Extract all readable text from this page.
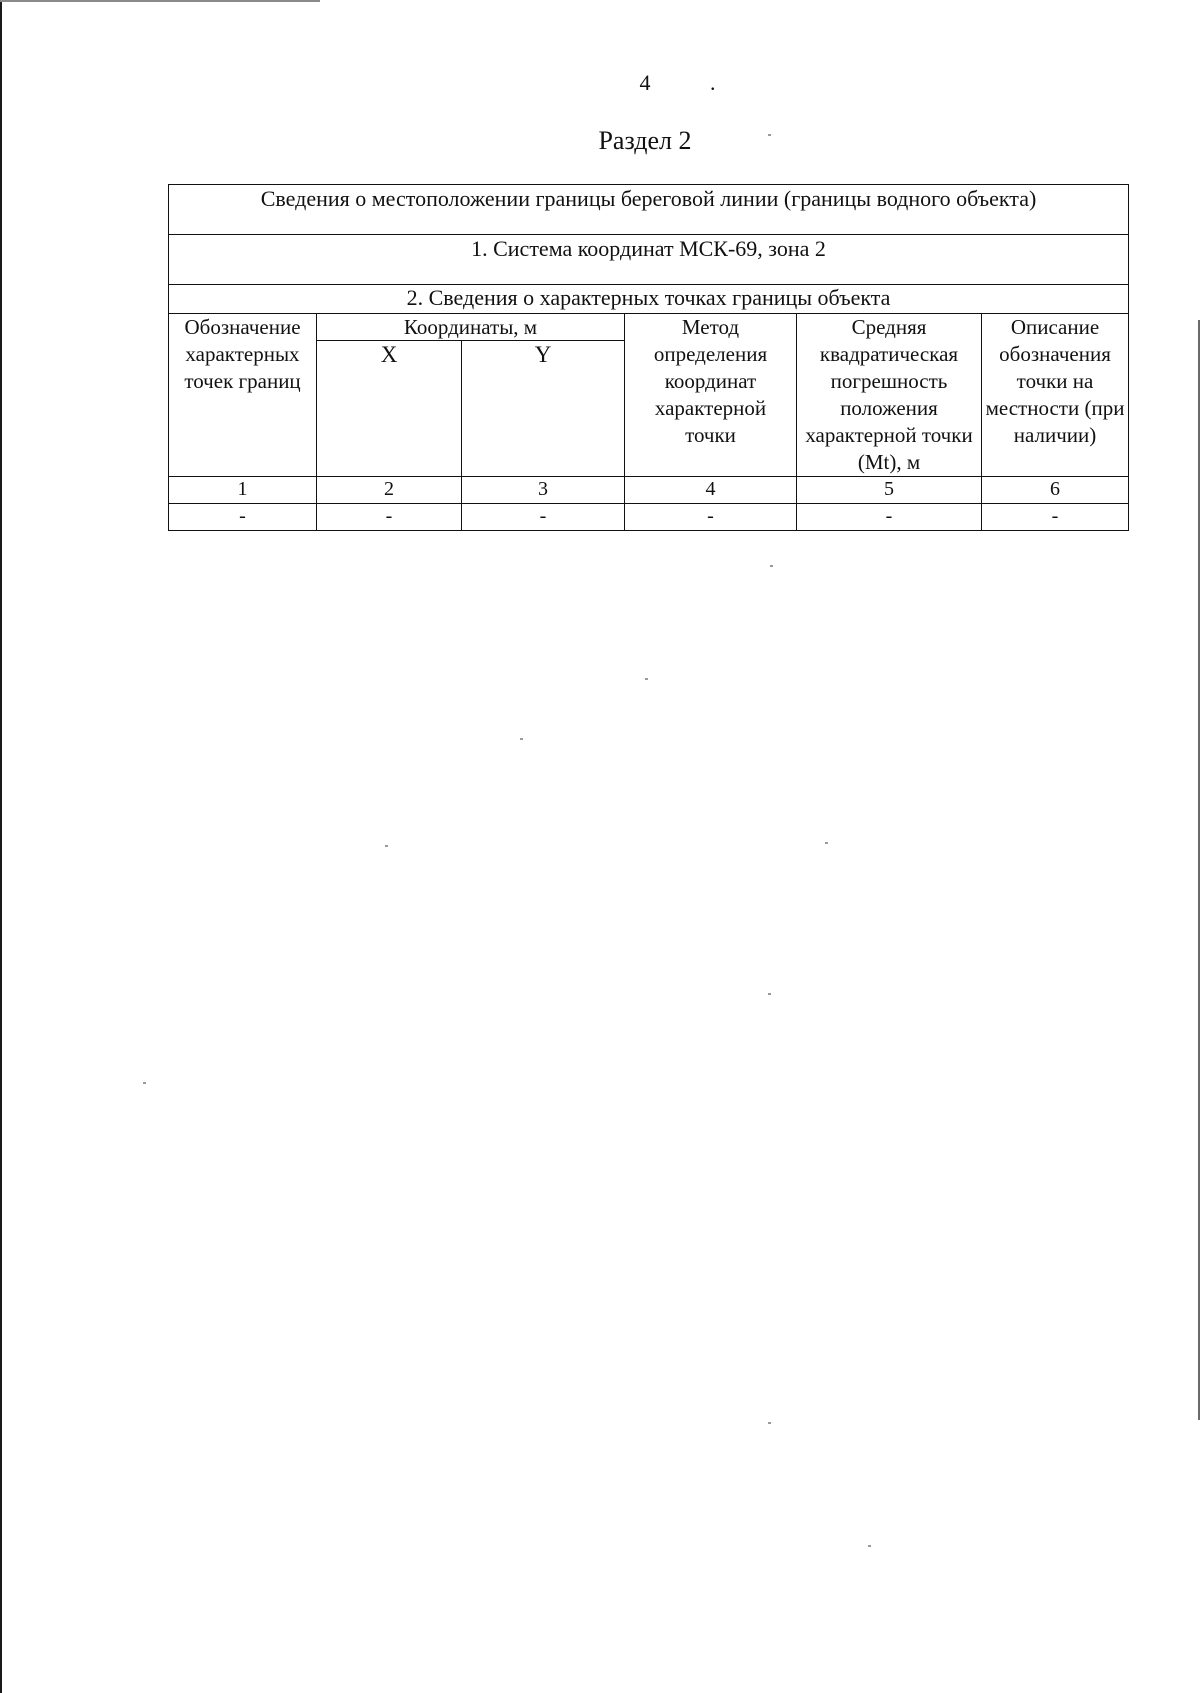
4	.
Раздел 2
Сведения о местоположении границы береговой линии (границы водного объекта)					
1. Система координат МСК-69, зона 2					
2. Сведения о характерных точках границы объекта					
Обозначение характерных точек границ	Координаты, м		Метод определения координат характерной точки	Средняя квадратическая погрешность положения характерной точки (Mt), м	Описание обозначения точки на местности (при наличии)
	X	Y			
1	2	3	4	5	6
-	-	-	-	-	-
